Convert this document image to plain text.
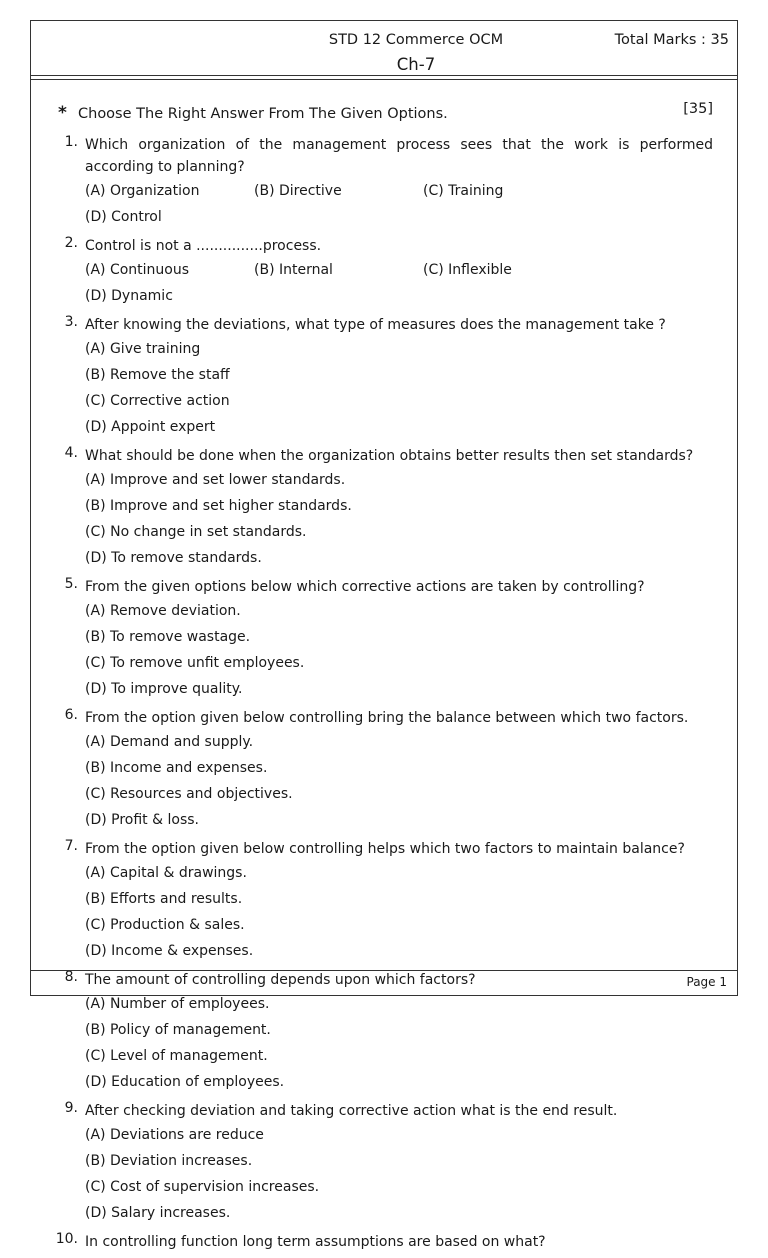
STD 12 Commerce OCM
Ch-7
Total Marks : 35
* Choose The Right Answer From The Given Options.	[35]
1. Which organization of the management process sees that the work is performed according to planning?
(A) Organization	(B) Directive	(C) Training
(D) Control
2. Control is not a ...............process.
(A) Continuous	(B) Internal	(C) Inflexible
(D) Dynamic
3. After knowing the deviations, what type of measures does the management take ?
(A) Give training
(B) Remove the staff
(C) Corrective action
(D) Appoint expert
4. What should be done when the organization obtains better results then set standards?
(A) Improve and set lower standards.
(B) Improve and set higher standards.
(C) No change in set standards.
(D) To remove standards.
5. From the given options below which corrective actions are taken by controlling?
(A) Remove deviation.
(B) To remove wastage.
(C) To remove unfit employees.
(D) To improve quality.
6. From the option given below controlling bring the balance between which two factors.
(A) Demand and supply.
(B) Income and expenses.
(C) Resources and objectives.
(D) Profit & loss.
7. From the option given below controlling helps which two factors to maintain balance?
(A) Capital & drawings.
(B) Efforts and results.
(C) Production & sales.
(D) Income & expenses.
8. The amount of controlling depends upon which factors?
(A) Number of employees.
(B) Policy of management.
(C) Level of management.
(D) Education of employees.
9. After checking deviation and taking corrective action what is the end result.
(A) Deviations are reduce
(B) Deviation increases.
(C) Cost of supervision increases.
(D) Salary increases.
10. In controlling function long term assumptions are based on what?
Page 1
